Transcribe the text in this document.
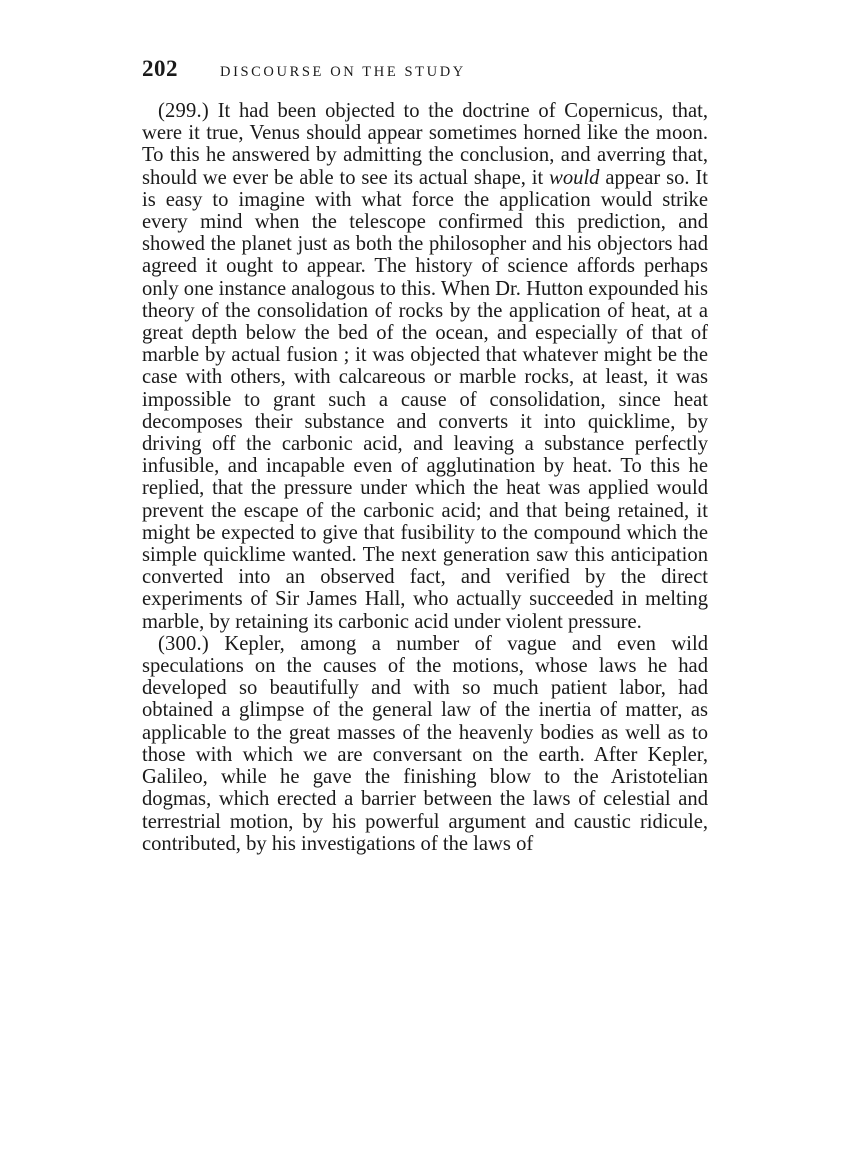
202	DISCOURSE ON THE STUDY

(299.) It had been objected to the doctrine of Copernicus, that, were it true, Venus should appear sometimes horned like the moon. To this he answered by admitting the conclusion, and averring that, should we ever be able to see its actual shape, it would appear so. It is easy to imagine with what force the application would strike every mind when the telescope confirmed this prediction, and showed the planet just as both the philosopher and his objectors had agreed it ought to appear. The history of science affords perhaps only one instance analogous to this. When Dr. Hutton expounded his theory of the consolidation of rocks by the application of heat, at a great depth below the bed of the ocean, and especially of that of marble by actual fusion ; it was objected that whatever might be the case with others, with calcareous or marble rocks, at least, it was impossible to grant such a cause of consolidation, since heat decomposes their substance and converts it into quicklime, by driving off the carbonic acid, and leaving a substance perfectly infusible, and incapable even of agglutination by heat. To this he replied, that the pressure under which the heat was applied would prevent the escape of the carbonic acid; and that being retained, it might be expected to give that fusibility to the compound which the simple quicklime wanted. The next generation saw this anticipation converted into an observed fact, and verified by the direct experiments of Sir James Hall, who actually succeeded in melting marble, by retaining its carbonic acid under violent pressure.

(300.) Kepler, among a number of vague and even wild speculations on the causes of the motions, whose laws he had developed so beautifully and with so much patient labor, had obtained a glimpse of the general law of the inertia of matter, as applicable to the great masses of the heavenly bodies as well as to those with which we are conversant on the earth. After Kepler, Galileo, while he gave the finishing blow to the Aristotelian dogmas, which erected a barrier between the laws of celestial and terrestrial motion, by his powerful argument and caustic ridicule, contributed, by his investigations of the laws of
